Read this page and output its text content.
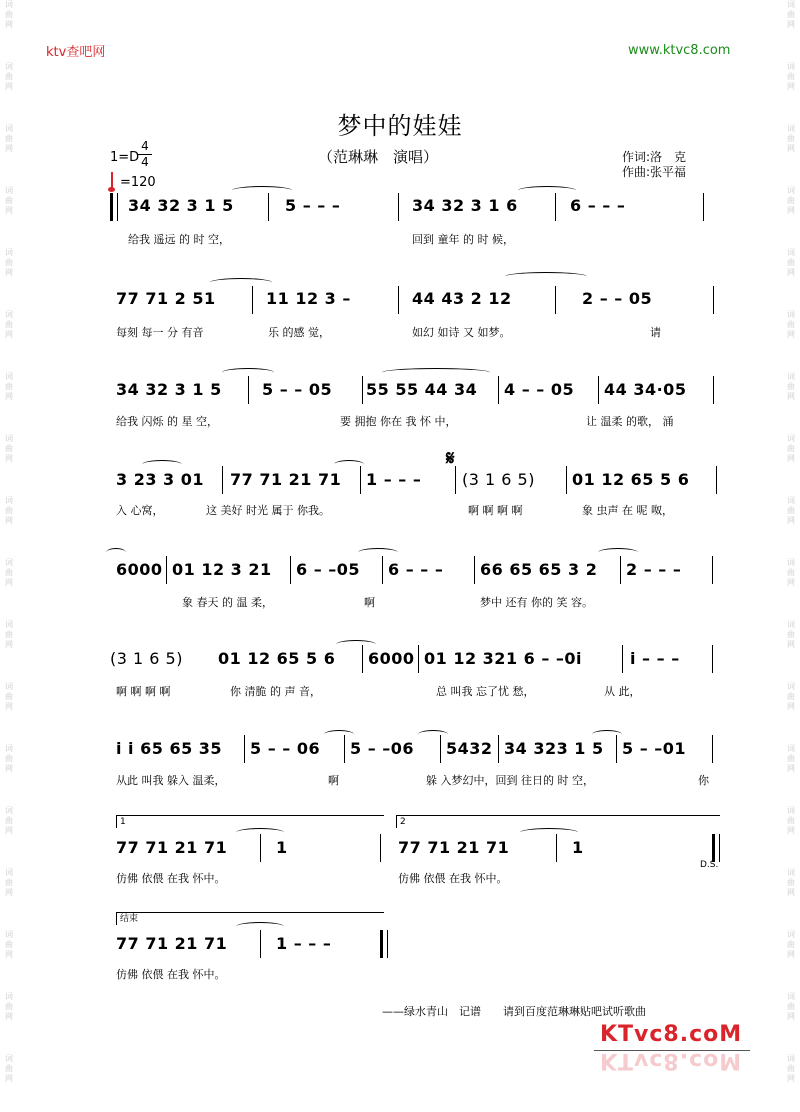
词曲网
词曲网
词曲网
词曲网
词曲网
词曲网
词曲网
词曲网
词曲网
词曲网
词曲网
词曲网
词曲网
词曲网
词曲网
词曲网
词曲网
词曲网
词曲网
词曲网
词曲网
词曲网
词曲网
词曲网
词曲网
词曲网
词曲网
词曲网
词曲网
词曲网
词曲网
词曲网
词曲网
词曲网
词曲网
词曲网
ktv查吧网	www.ktvc8.com
梦中的娃娃
（范琳琳　演唱）	作词:洛　克
作曲:张平福
1=D
4
4
=120
34 32 3 1 5	5 – – –	34 32 3 1 6	6 – – –
给我 遥远 的 时 空，	回到 童年 的 时 候，
77 71 2 51	11 12 3 –	44 43 2 12	2 – – 05
每刻 每一 分 有音	乐 的感 觉，	如幻 如诗 又 如梦。	请
34 32 3 1 5	5 – – 05 55 55 44 34 4 – – 05 44 34·05
给我 闪烁 的 星 空，	要 拥抱 你在 我 怀 中，	让 温柔 的歌， 涌
3 23 3 01 77 71 21 71 1 – – –
𝄋
(3 1 6 5) 01 12 65 5 6
入 心窝，	这 美好 时光 属于 你我。	啊 啊 啊 啊	象 虫声 在 呢 呶，
6000 01 12 3 21 6 – –05 6 – – – 66 65 65 3 2 2 – – –
象 春天 的 温 柔，	啊	梦中 还有 你的 笑 容。
(3 1 6 5) 01 12 65 5 6 6000 01 12 321 6 – –0i	i – – –
啊 啊 啊 啊	你 清脆 的 声 音，	总 叫我 忘了忧 愁，	从 此，
i i 65 65 35 5 – – 06 5 – –06 5432 34 323 1 5 5 – –01
从此 叫我 躲入 温柔，	啊	躲 入梦幻中，回到 往日的 时 空，	你
1	2
77 71 21 71	1	77 71 21 71	1
仿佛 依偎 在我 怀中。	仿佛 依偎 在我 怀中。
D.S.
结束
77 71 21 71	1 – – –
仿佛 依偎 在我 怀中。
——绿水青山　记谱　　请到百度范琳琳贴吧试听歌曲
KTvc8.coM
KTvc8.coM
